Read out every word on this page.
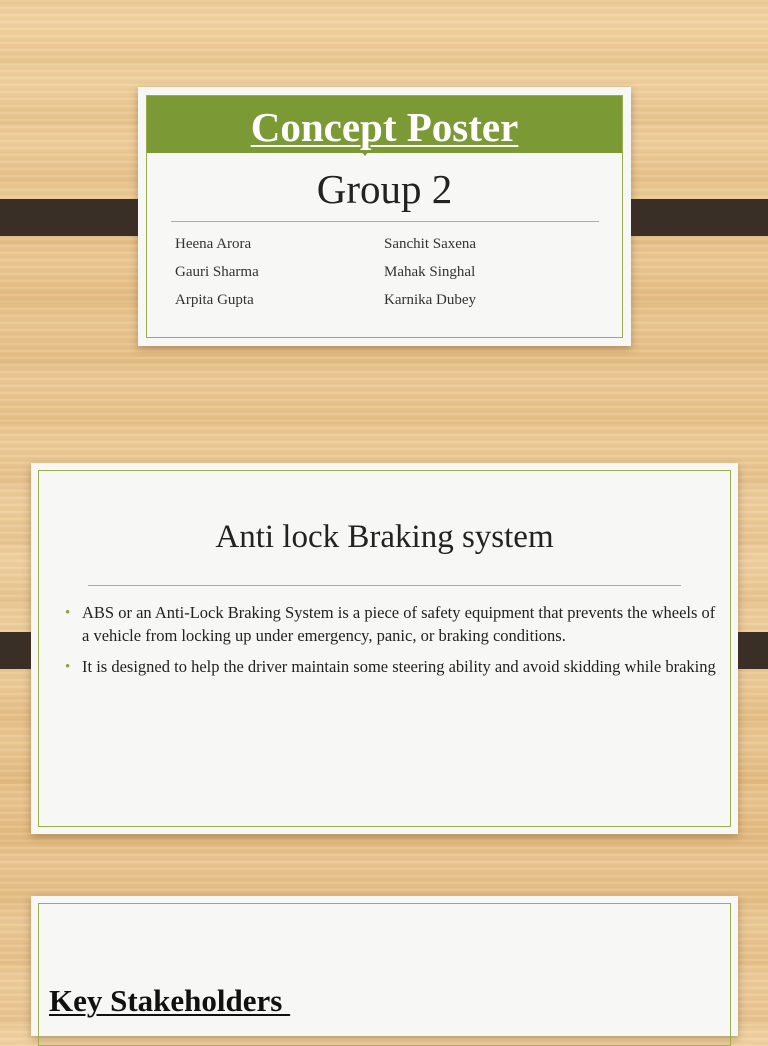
Concept Poster
Group 2
Heena Arora
Gauri Sharma
Arpita Gupta
Sanchit Saxena
Mahak Singhal
Karnika Dubey
Anti lock Braking system
• ABS or an Anti-Lock Braking System is a piece of safety equipment that prevents the wheels of a vehicle from locking up under emergency, panic, or braking conditions.
• It is designed to help the driver maintain some steering ability and avoid skidding while braking
Key Stakeholders
